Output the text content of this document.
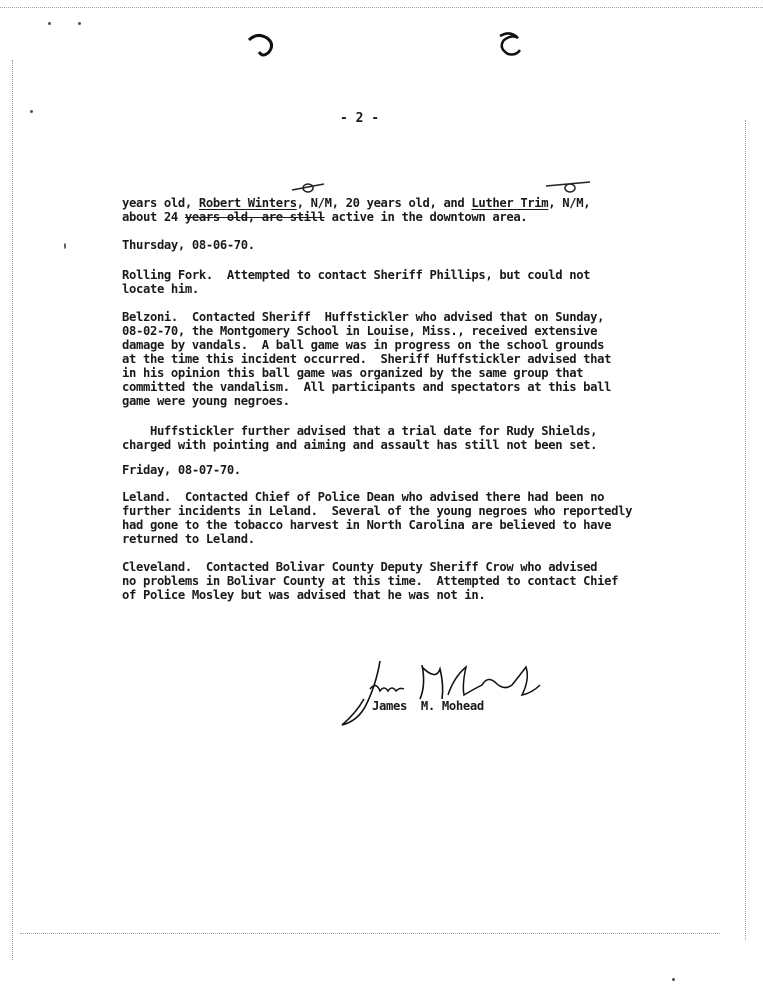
- 2 -
years old, Robert Winters, N/M, 20 years old, and Luther Trim, N/M,
about 24 years old, are still active in the downtown area.
Thursday, 08-06-70.
Rolling Fork.  Attempted to contact Sheriff Phillips, but could not
locate him.
Belzoni.  Contacted Sheriff  Huffstickler who advised that on Sunday,
08-02-70, the Montgomery School in Louise, Miss., received extensive
damage by vandals.  A ball game was in progress on the school grounds
at the time this incident occurred.  Sheriff Huffstickler advised that
in his opinion this ball game was organized by the same group that
committed the vandalism.  All participants and spectators at this ball
game were young negroes.
Huffstickler further advised that a trial date for Rudy Shields,
charged with pointing and aiming and assault has still not been set.
Friday, 08-07-70.
Leland.  Contacted Chief of Police Dean who advised there had been no
further incidents in Leland.  Several of the young negroes who reportedly
had gone to the tobacco harvest in North Carolina are believed to have
returned to Leland.
Cleveland.  Contacted Bolivar County Deputy Sheriff Crow who advised
no problems in Bolivar County at this time.  Attempted to contact Chief
of Police Mosley but was advised that he was not in.
James  M. Mohead
